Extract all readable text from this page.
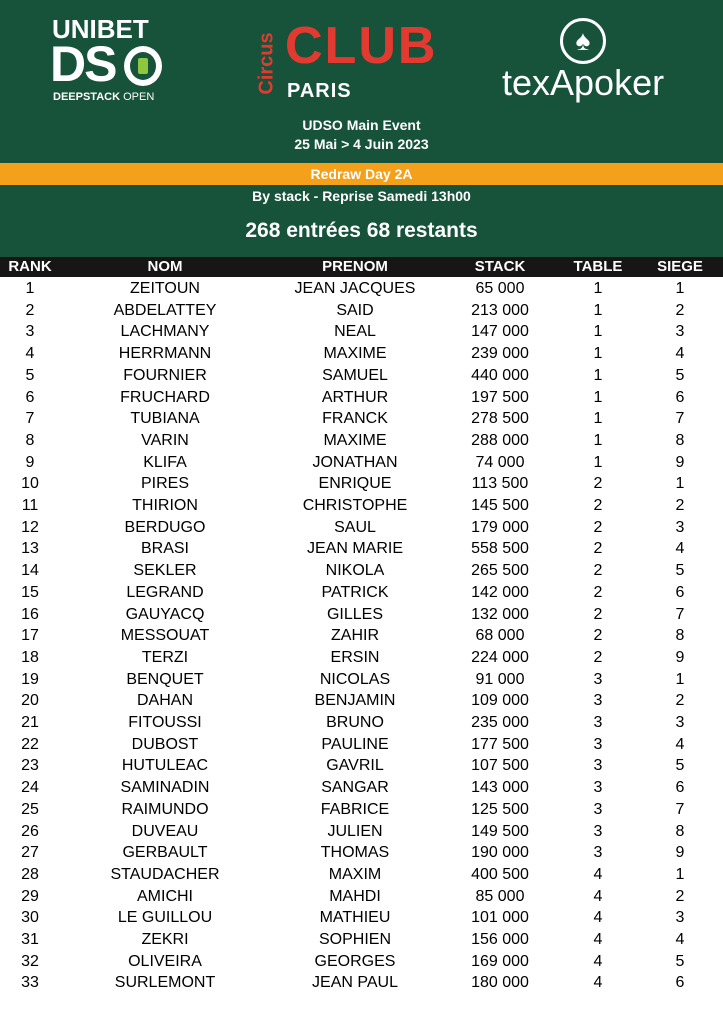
UNIBET
DS
DEEPSTACK OPEN
Circus CLUB
PARIS
♠
texApoker
UDSO Main Event
25 Mai > 4 Juin 2023
Redraw Day 2A
By stack - Reprise Samedi 13h00
268 entrées 68 restants
RANK	NOM	PRENOM	STACK	TABLE	SIEGE
1	ZEITOUN	JEAN JACQUES	65 000	1	1
2	ABDELATTEY	SAID	213 000	1	2
3	LACHMANY	NEAL	147 000	1	3
4	HERRMANN	MAXIME	239 000	1	4
5	FOURNIER	SAMUEL	440 000	1	5
6	FRUCHARD	ARTHUR	197 500	1	6
7	TUBIANA	FRANCK	278 500	1	7
8	VARIN	MAXIME	288 000	1	8
9	KLIFA	JONATHAN	74 000	1	9
10	PIRES	ENRIQUE	113 500	2	1
11	THIRION	CHRISTOPHE	145 500	2	2
12	BERDUGO	SAUL	179 000	2	3
13	BRASI	JEAN MARIE	558 500	2	4
14	SEKLER	NIKOLA	265 500	2	5
15	LEGRAND	PATRICK	142 000	2	6
16	GAUYACQ	GILLES	132 000	2	7
17	MESSOUAT	ZAHIR	68 000	2	8
18	TERZI	ERSIN	224 000	2	9
19	BENQUET	NICOLAS	91 000	3	1
20	DAHAN	BENJAMIN	109 000	3	2
21	FITOUSSI	BRUNO	235 000	3	3
22	DUBOST	PAULINE	177 500	3	4
23	HUTULEAC	GAVRIL	107 500	3	5
24	SAMINADIN	SANGAR	143 000	3	6
25	RAIMUNDO	FABRICE	125 500	3	7
26	DUVEAU	JULIEN	149 500	3	8
27	GERBAULT	THOMAS	190 000	3	9
28	STAUDACHER	MAXIM	400 500	4	1
29	AMICHI	MAHDI	85 000	4	2
30	LE GUILLOU	MATHIEU	101 000	4	3
31	ZEKRI	SOPHIEN	156 000	4	4
32	OLIVEIRA	GEORGES	169 000	4	5
33	SURLEMONT	JEAN PAUL	180 000	4	6
